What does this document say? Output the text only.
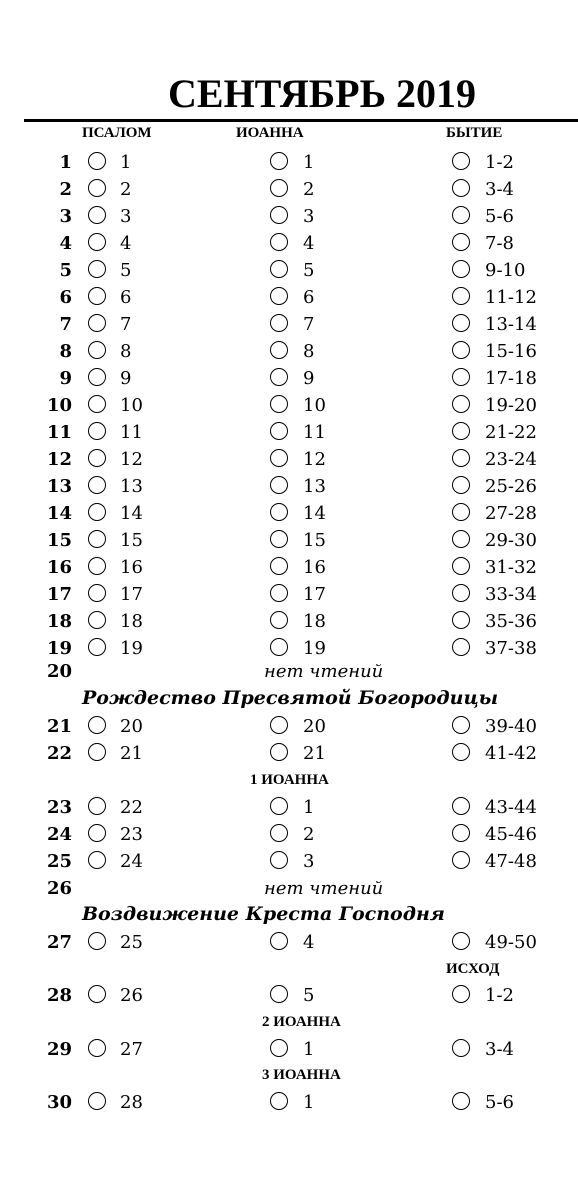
СЕНТЯБРЬ 2019
ПСАЛОМ	ИОАННА	БЫТИЕ
1	1	1	1-2
2	2	2	3-4
3	3	3	5-6
4	4	4	7-8
5	5	5	9-10
6	6	6	11-12
7	7	7	13-14
8	8	8	15-16
9	9	9	17-18
10	10	10	19-20
11	11	11	21-22
12	12	12	23-24
13	13	13	25-26
14	14	14	27-28
15	15	15	29-30
16	16	16	31-32
17	17	17	33-34
18	18	18	35-36
19	19	19	37-38
20	нет чтений
Рождество Пресвятой Богородицы
21	20	20	39-40
22	21	21	41-42
1 ИОАННА
23	22	1	43-44
24	23	2	45-46
25	24	3	47-48
26	нет чтений
Воздвижение Креста Господня
27	25	4	49-50
ИСХОД
28	26	5	1-2
2 ИОАННА
29	27	1	3-4
3 ИОАННА
30	28	1	5-6
